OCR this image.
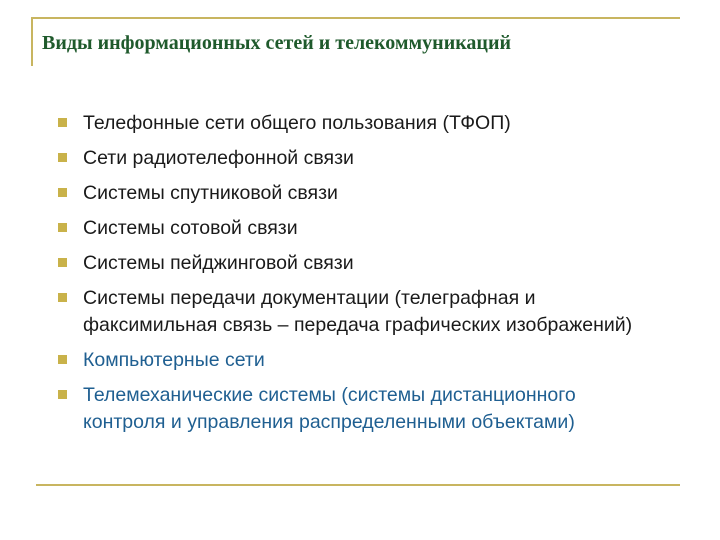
Виды информационных сетей и телекоммуникаций
Телефонные сети общего пользования (ТФОП)
Сети радиотелефонной связи
Системы спутниковой связи
Системы сотовой связи
Системы пейджинговой связи
Системы передачи документации (телеграфная и факсимильная связь – передача графических изображений)
Компьютерные сети
Телемеханические системы (системы дистанционного контроля и управления распределенными объектами)
